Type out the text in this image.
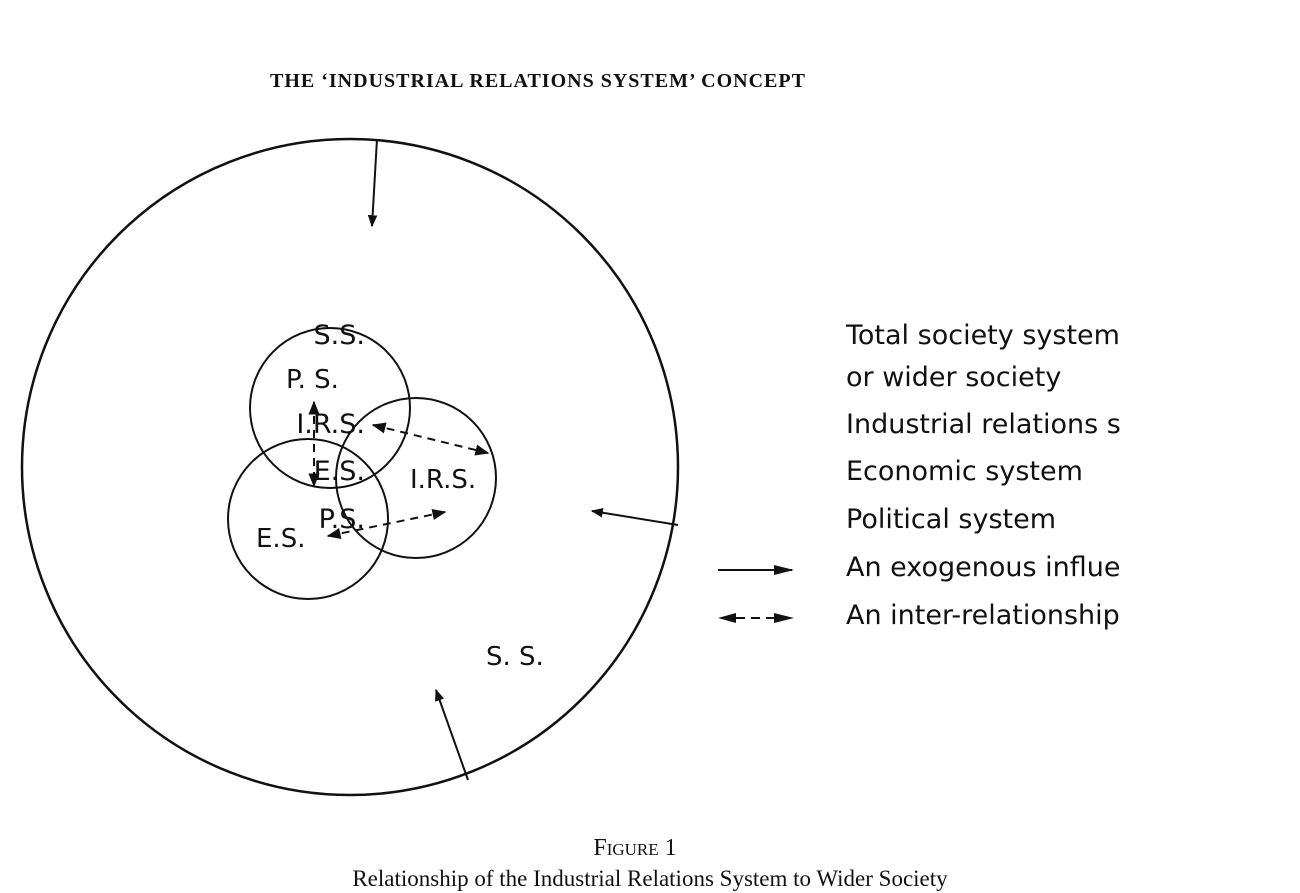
THE ‘INDUSTRIAL RELATIONS SYSTEM’ CONCEPT
P. S.
I.R.S.
E.S.
S. S.
S.S.	Total society system
or wider society
I.R.S.	Industrial relations s
E.S.	Economic system
P.S.	Political system
An exogenous influe
An inter-relationship
Figure 1
Relationship of the Industrial Relations System to Wider Society
